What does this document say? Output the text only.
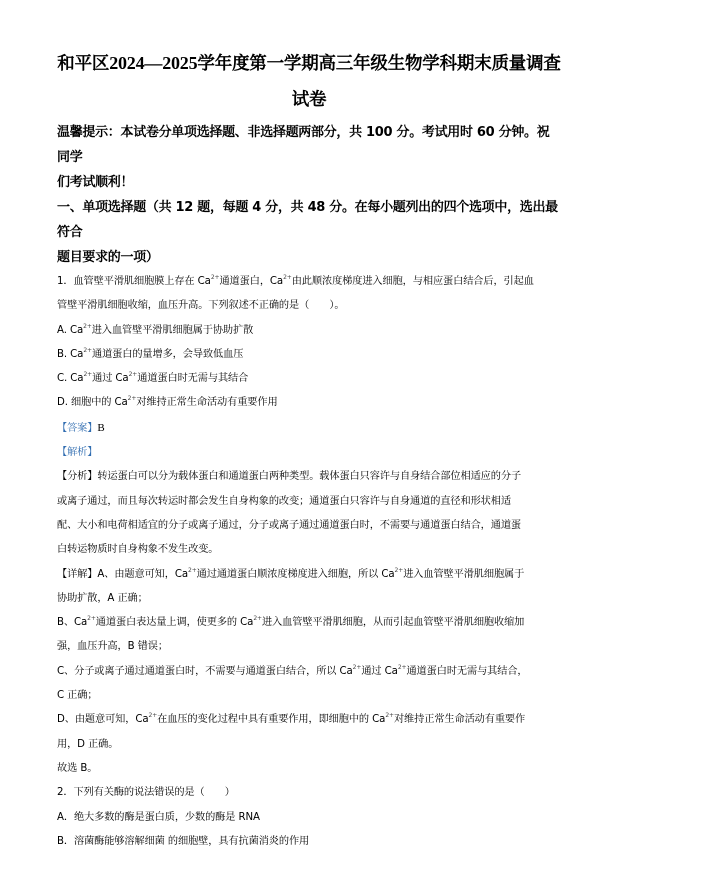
和平区2024—2025学年度第一学期高三年级生物学科期末质量调查

试卷

温馨提示：本试卷分单项选择题、非选择题两部分，共 100 分。考试用时 60 分钟。祝同学

们考试顺利！

一、单项选择题（共 12 题，每题 4 分，共 48 分。在每小题列出的四个选项中，选出最符合

题目要求的一项）

1．血管壁平滑肌细胞膜上存在 $Ca^{2+}$通道蛋白，$Ca^{2+}$由此顺浓度梯度进入细胞，与相应蛋白结合后，引起血

管壁平滑肌细胞收缩，血压升高。下列叙述不正确的是（　　）。

A. $Ca^{2+}$进入血管壁平滑肌细胞属于协助扩散

B. $Ca^{2+}$通道蛋白的量增多，会导致低血压

C. $Ca^{2+}$通过 $Ca^{2+}$通道蛋白时无需与其结合

D. 细胞中的 $Ca^{2+}$对维持正常生命活动有重要作用

【答案】B

【解析】

【分析】转运蛋白可以分为载体蛋白和通道蛋白两种类型。载体蛋白只容许与自身结合部位相适应的分子

或离子通过，而且每次转运时都会发生自身构象的改变；通道蛋白只容许与自身通道的直径和形状相适

配、大小和电荷相适宜的分子或离子通过，分子或离子通过通道蛋白时，不需要与通道蛋白结合，通道蛋

白转运物质时自身构象不发生改变。

【详解】A、由题意可知，$Ca^{2+}$通过通道蛋白顺浓度梯度进入细胞，所以 $Ca^{2+}$进入血管壁平滑肌细胞属于

协助扩散，A 正确；

B、$Ca^{2+}$通道蛋白表达量上调，使更多的 $Ca^{2+}$进入血管壁平滑肌细胞，从而引起血管壁平滑肌细胞收缩加

强，血压升高，B 错误；

C、分子或离子通过通道蛋白时，不需要与通道蛋白结合，所以 $Ca^{2+}$通过 $Ca^{2+}$通道蛋白时无需与其结合，

C 正确；

D、由题意可知，$Ca^{2+}$在血压的变化过程中具有重要作用，即细胞中的 $Ca^{2+}$对维持正常生命活动有重要作

用，D 正确。

故选 B。

2．下列有关酶的说法错误的是（　　）

A．绝大多数的酶是蛋白质，少数的酶是 RNA

B．溶菌酶能够溶解细菌 的细胞壁，具有抗菌消炎的作用
